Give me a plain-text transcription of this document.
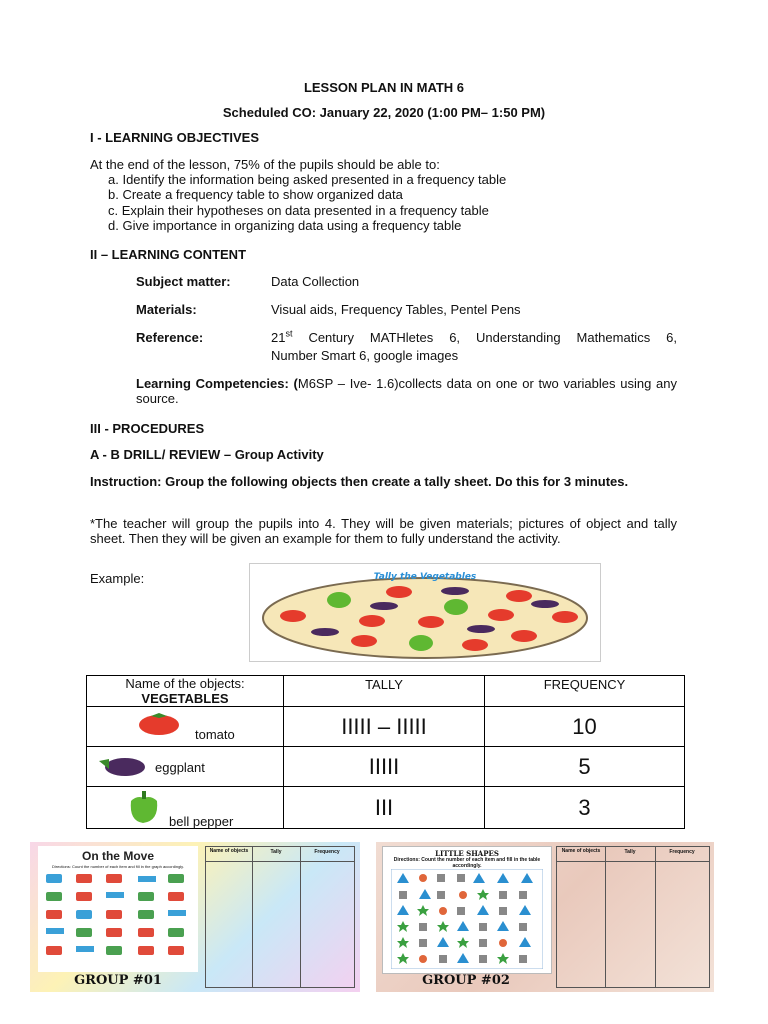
LESSON PLAN IN MATH 6
Scheduled CO: January 22, 2020 (1:00 PM– 1:50 PM)
I - LEARNING OBJECTIVES
At the end of the lesson, 75% of the pupils should be able to:
a. Identify the information being asked presented in a frequency table
b. Create a frequency table to show organized data
c. Explain their hypotheses on data presented in a frequency table
d. Give importance in organizing data using a frequency table
II – LEARNING CONTENT
Subject matter:	Data Collection
Materials:	Visual aids, Frequency Tables, Pentel Pens
Reference:	21st Century MATHletes 6, Understanding Mathematics 6,
Number Smart 6, google images
Learning Competencies: (M6SP – Ive- 1.6)collects data on one or two variables using any source.
III - PROCEDURES
A - B DRILL/ REVIEW – Group Activity
Instruction: Group the following objects then create a tally sheet. Do this for 3 minutes.
*The teacher will group the pupils into 4. They will be given materials; pictures of object and tally sheet. Then they will be given an example for them to fully understand the activity.
Example:	Tally the Vegetables
Name of the objects:
VEGETABLES	TALLY	FREQUENCY

tomato	IIIII – IIIII	10

eggplant	IIIII	5

bell pepper	III	3
On the Move
Directions: Count the number of each item and fill in the graph accordingly.
Name of objects	Tally	Frequency
GROUP #01
LITTLE SHAPES
Directions: Count the number of each item and fill in the table accordingly.
Name of objects	Tally	Frequency
GROUP #02
